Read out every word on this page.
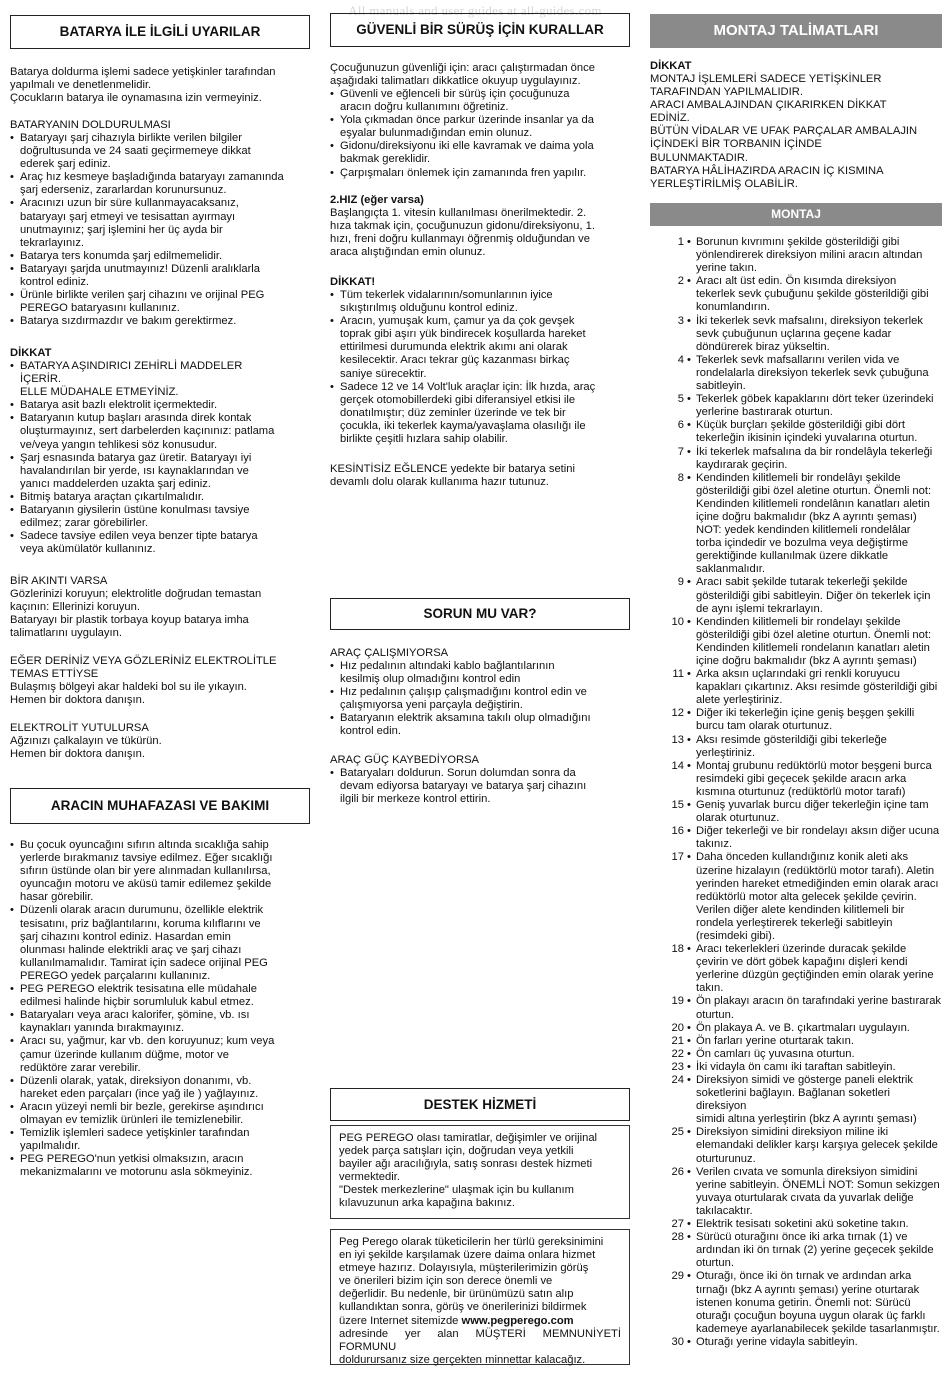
All manuals and user guides at all-guides.com
BATARYA İLE İLGİLİ UYARILAR
Batarya doldurma işlemi sadece yetişkinler tarafından
yapılmalı ve denetlenmelidir.
Çocukların batarya ile oynamasına izin vermeyiniz.
BATARYANIN DOLDURULMASI
• Bataryayı şarj cihazıyla birlikte verilen bilgiler
doğrultusunda ve 24 saati geçirmemeye dikkat
ederek şarj ediniz.
• Araç hız kesmeye başladığında bataryayı zamanında
şarj ederseniz, zararlardan korunursunuz.
• Aracınızı uzun bir süre kullanmayacaksanız,
bataryayı şarj etmeyi ve tesisattan ayırmayı
unutmayınız; şarj işlemini her üç ayda bir
tekrarlayınız.
• Batarya ters konumda şarj edilmemelidir.
• Bataryayı şarjda unutmayınız! Düzenli aralıklarla
kontrol ediniz.
• Ürünle birlikte verilen şarj cihazını ve orijinal PEG
PEREGO bataryasını kullanınız.
• Batarya sızdırmazdır ve bakım gerektirmez.
DİKKAT
• BATARYA AŞINDIRICI ZEHİRLİ MADDELER
İÇERİR.
ELLE MÜDAHALE ETMEYİNİZ.
• Batarya asit bazlı elektrolit içermektedir.
• Bataryanın kutup başları arasında direk kontak
oluşturmayınız, sert darbelerden kaçınınız: patlama
ve/veya yangın tehlikesi söz konusudur.
• Şarj esnasında batarya gaz üretir. Bataryayı iyi
havalandırılan bir yerde, ısı kaynaklarından ve
yanıcı maddelerden uzakta şarj ediniz.
• Bitmiş batarya araçtan çıkartılmalıdır.
• Bataryanın giysilerin üstüne konulması tavsiye
edilmez; zarar görebilirler.
• Sadece tavsiye edilen veya benzer tipte batarya
veya akümülatör kullanınız.
BİR AKINTI VARSA
Gözlerinizi koruyun; elektrolitle doğrudan temastan
kaçının: Ellerinizi koruyun.
Bataryayı bir plastik torbaya koyup batarya imha
talimatlarını uygulayın.
EĞER DERİNİZ VEYA GÖZLERİNİZ ELEKTROLİTLE
TEMAS ETTİYSE
Bulaşmış bölgeyi akar haldeki bol su ile yıkayın.
Hemen bir doktora danışın.
ELEKTROLİT YUTULURSA
Ağzınızı çalkalayın ve tükürün.
Hemen bir doktora danışın.
ARACIN MUHAFAZASI VE BAKIMI
• Bu çocuk oyuncağını sıfırın altında sıcaklığa sahip
yerlerde bırakmanız tavsiye edilmez. Eğer sıcaklığı
sıfırın üstünde olan bir yere alınmadan kullanılırsa,
oyuncağın motoru ve aküsü tamir edilemez şekilde
hasar görebilir.
• Düzenli olarak aracın durumunu, özellikle elektrik
tesisatını, priz bağlantılarını, koruma kılıflarını ve
şarj cihazını kontrol ediniz. Hasardan emin
olunması halinde elektrikli araç ve şarj cihazı
kullanılmamalıdır. Tamirat için sadece orijinal PEG
PEREGO yedek parçalarını kullanınız.
• PEG PEREGO elektrik tesisatına elle müdahale
edilmesi halinde hiçbir sorumluluk kabul etmez.
• Bataryaları veya aracı kalorifer, şömine, vb. ısı
kaynakları yanında bırakmayınız.
• Aracı su, yağmur, kar vb. den koruyunuz; kum veya
çamur üzerinde kullanım düğme, motor ve
redüktöre zarar verebilir.
• Düzenli olarak, yatak, direksiyon donanımı, vb.
hareket eden parçaları (ince yağ ile ) yağlayınız.
• Aracın yüzeyi nemli bir bezle, gerekirse aşındırıcı
olmayan ev temizlik ürünleri ile temizlenebilir.
• Temizlik işlemleri sadece yetişkinler tarafından
yapılmalıdır.
• PEG PEREGO'nun yetkisi olmaksızın, aracın
mekanizmalarını ve motorunu asla sökmeyiniz.
GÜVENLİ BİR SÜRÜŞ İÇİN KURALLAR
Çocuğunuzun güvenliği için: aracı çalıştırmadan önce
aşağıdaki talimatları dikkatlice okuyup uygulayınız.
• Güvenli ve eğlenceli bir sürüş için çocuğunuza
aracın doğru kullanımını öğretiniz.
• Yola çıkmadan önce parkur üzerinde insanlar ya da
eşyalar bulunmadığından emin olunuz.
• Gidonu/direksiyonu iki elle kavramak ve daima yola
bakmak gereklidir.
• Çarpışmaları önlemek için zamanında fren yapılır.
2.HIZ (eğer varsa)
Başlangıçta 1. vitesin kullanılması önerilmektedir. 2.
hıza takmak için, çocuğunuzun gidonu/direksiyonu, 1.
hızı, freni doğru kullanmayı öğrenmiş olduğundan ve
araca alıştığından emin olunuz.
DİKKAT!
• Tüm tekerlek vidalarının/somunlarının iyice
sıkıştırılmış olduğunu kontrol ediniz.
• Aracın, yumuşak kum, çamur ya da çok gevşek
toprak gibi aşırı yük bindirecek koşullarda hareket
ettirilmesi durumunda elektrik akımı ani olarak
kesilecektir. Aracı tekrar güç kazanması birkaç
saniye sürecektir.
• Sadece 12 ve 14 Volt'luk araçlar için: İlk hızda, araç
gerçek otomobillerdeki gibi diferansiyel etkisi ile
donatılmıştır; düz zeminler üzerinde ve tek bir
çocukla, iki tekerlek kayma/yavaşlama olasılığı ile
birlikte çeşitli hızlara sahip olabilir.
KESİNTİSİZ EĞLENCE yedekte bir batarya setini
devamlı dolu olarak kullanıma hazır tutunuz.
SORUN MU VAR?
ARAÇ ÇALIŞMIYORSA
• Hız pedalının altındaki kablo bağlantılarının
kesilmiş olup olmadığını kontrol edin
• Hız pedalının çalışıp çalışmadığını kontrol edin ve
çalışmıyorsa yeni parçayla değiştirin.
• Bataryanın elektrik aksamına takılı olup olmadığını
kontrol edin.
ARAÇ GÜÇ KAYBEDİYORSA
• Bataryaları doldurun. Sorun dolumdan sonra da
devam ediyorsa bataryayı ve batarya şarj cihazını
ilgili bir merkeze kontrol ettirin.
DESTEK HİZMETİ
PEG PEREGO olası tamiratlar, değişimler ve orijinal
yedek parça satışları için, doğrudan veya yetkili
bayiler ağı aracılığıyla, satış sonrası destek hizmeti
vermektedir.
"Destek merkezlerine" ulaşmak için bu kullanım
kılavuzunun arka kapağına bakınız.
Peg Perego olarak tüketicilerin her türlü gereksinimini
en iyi şekilde karşılamak üzere daima onlara hizmet
etmeye hazırız. Dolayısıyla, müşterilerimizin görüş
ve önerileri bizim için son derece önemli ve
değerlidir. Bu nedenle, bir ürünümüzü satın alıp
kullandıktan sonra, görüş ve önerilerinizi bildirmek
üzere Internet sitemizde www.pegperego.com
adresinde yer alan MÜŞTERİ MEMNUNİYETİ FORMUNU
doldurursanız size gerçekten minnettar kalacağız.
MONTAJ TALİMATLARI
DİKKAT
MONTAJ İŞLEMLERİ SADECE YETİŞKİNLER
TARAFINDAN YAPILMALIDIR.
ARACI AMBALAJINDAN ÇIKARIRKEN DİKKAT
EDİNİZ.
BÜTÜN VİDALAR VE UFAK PARÇALAR AMBALAJIN
İÇİNDEKİ BİR TORBANIN İÇİNDE
BULUNMAKTADIR.
BATARYA HÂLİHAZIRDA ARACIN İÇ KISMINA
YERLEŞTİRİLMİŞ OLABİLİR.
MONTAJ
1 • Borunun kıvrımını şekilde gösterildiği gibi
yönlendirerek direksiyon milini aracın altından
yerine takın.
2 • Aracı alt üst edin. Ön kısımda direksiyon
tekerlek sevk çubuğunu şekilde gösterildiği gibi
konumlandırın.
3 • İki tekerlek sevk mafsalını, direksiyon tekerlek
sevk çubuğunun uçlarına geçene kadar
döndürerek biraz yükseltin.
4 • Tekerlek sevk mafsallarını verilen vida ve
rondelalarla direksiyon tekerlek sevk çubuğuna
sabitleyin.
5 • Tekerlek göbek kapaklarını dört teker üzerindeki
yerlerine bastırarak oturtun.
6 • Küçük burçları şekilde gösterildiği gibi dört
tekerleğin ikisinin içindeki yuvalarına oturtun.
7 • İki tekerlek mafsalına da bir rondelâyla tekerleği
kaydırarak geçirin.
8 • Kendinden kilitlemeli bir rondelâyı şekilde
gösterildiği gibi özel aletine oturtun. Önemli not:
Kendinden kilitlemeli rondelânın kanatları aletin
içine doğru bakmalıdır (bkz A ayrıntı şeması)
NOT: yedek kendinden kilitlemeli rondelâlar
torba içindedir ve bozulma veya değiştirme
gerektiğinde kullanılmak üzere dikkatle
saklanmalıdır.
9 • Aracı sabit şekilde tutarak tekerleği şekilde
gösterildiği gibi sabitleyin. Diğer ön tekerlek için
de aynı işlemi tekrarlayın.
10 • Kendinden kilitlemeli bir rondelayı şekilde
gösterildiği gibi özel aletine oturtun. Önemli not:
Kendinden kilitlemeli rondelanın kanatları aletin
içine doğru bakmalıdır (bkz A ayrıntı şeması)
11 • Arka aksın uçlarındaki gri renkli koruyucu
kapakları çıkartınız. Aksı resimde gösterildiği gibi
alete yerleştiriniz.
12 • Diğer iki tekerleğin içine geniş beşgen şekilli
burcu tam olarak oturtunuz.
13 • Aksı resimde gösterildiği gibi tekerleğe
yerleştiriniz.
14 • Montaj grubunu redüktörlü motor beşgeni burca
resimdeki gibi geçecek şekilde aracın arka
kısmına oturtunuz (redüktörlü motor tarafı)
15 • Geniş yuvarlak burcu diğer tekerleğin içine tam
olarak oturtunuz.
16 • Diğer tekerleği ve bir rondelayı aksın diğer ucuna
takınız.
17 • Daha önceden kullandığınız konik aleti aks
üzerine hizalayın (redüktörlü motor tarafı). Aletin
yerinden hareket etmediğinden emin olarak aracı
redüktörlü motor alta gelecek şekilde çevirin.
Verilen diğer alete kendinden kilitlemeli bir
rondela yerleştirerek tekerleği sabitleyin
(resimdeki gibi).
18 • Aracı tekerlekleri üzerinde duracak şekilde
çevirin ve dört göbek kapağını dişleri kendi
yerlerine düzgün geçtiğinden emin olarak yerine
takın.
19 • Ön plakayı aracın ön tarafındaki yerine bastırarak
oturtun.
20 • Ön plakaya A. ve B. çıkartmaları uygulayın.
21 • Ön farları yerine oturtarak takın.
22 • Ön camları üç yuvasına oturtun.
23 • İki vidayla ön camı iki taraftan sabitleyin.
24 • Direksiyon simidi ve gösterge paneli elektrik
soketlerini bağlayın. Bağlanan soketleri direksiyon
simidi altına yerleştirin (bkz A ayrıntı şeması)
25 • Direksiyon simidini direksiyon miline iki
elemandaki delikler karşı karşıya gelecek şekilde
oturturunuz.
26 • Verilen cıvata ve somunla direksiyon simidini
yerine sabitleyin. ÖNEMLİ NOT: Somun sekizgen
yuvaya oturtularak cıvata da yuvarlak deliğe
takılacaktır.
27 • Elektrik tesisatı soketini akü soketine takın.
28 • Sürücü oturağını önce iki arka tırnak (1) ve
ardından iki ön tırnak (2) yerine geçecek şekilde
oturtun.
29 • Oturağı, önce iki ön tırnak ve ardından arka
tırnağı (bkz A ayrıntı şeması) yerine oturtarak
istenen konuma getirin. Önemli not: Sürücü
oturağı çocuğun boyuna uygun olarak üç farklı
kademeye ayarlanabilecek şekilde tasarlanmıştır.
30 • Oturağı yerine vidayla sabitleyin.
